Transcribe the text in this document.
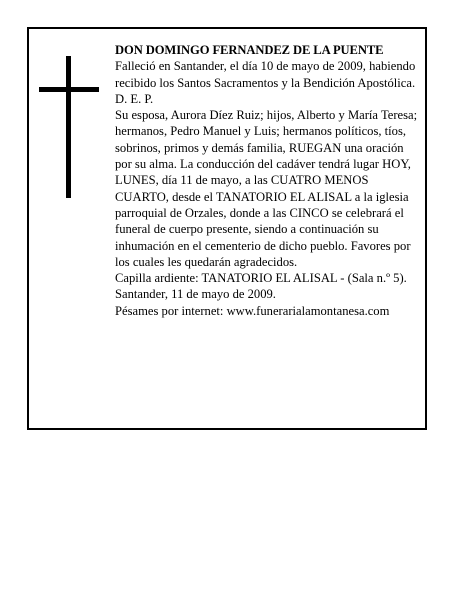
DON DOMINGO FERNANDEZ DE LA PUENTE

Falleció en Santander, el día 10 de mayo de 2009, habiendo recibido los Santos Sacramentos y la Bendición Apostólica.

D. E. P.

Su esposa, Aurora Díez Ruiz; hijos, Alberto y María Teresa; hermanos, Pedro Manuel y Luis; hermanos políticos, tíos, sobrinos, primos y demás familia, RUEGAN una oración por su alma. La conducción del cadáver tendrá lugar HOY, LUNES, día 11 de mayo, a las CUATRO MENOS CUARTO, desde el TANATORIO EL ALISAL a la iglesia parroquial de Orzales, donde a las CINCO se celebrará el funeral de cuerpo presente, siendo a continuación su inhumación en el cementerio de dicho pueblo. Favores por los cuales les quedarán agradecidos.

Capilla ardiente: TANATORIO EL ALISAL - (Sala n.º 5).

Santander, 11 de mayo de 2009.

Pésames por internet: www.funerarialamontanesa.com
